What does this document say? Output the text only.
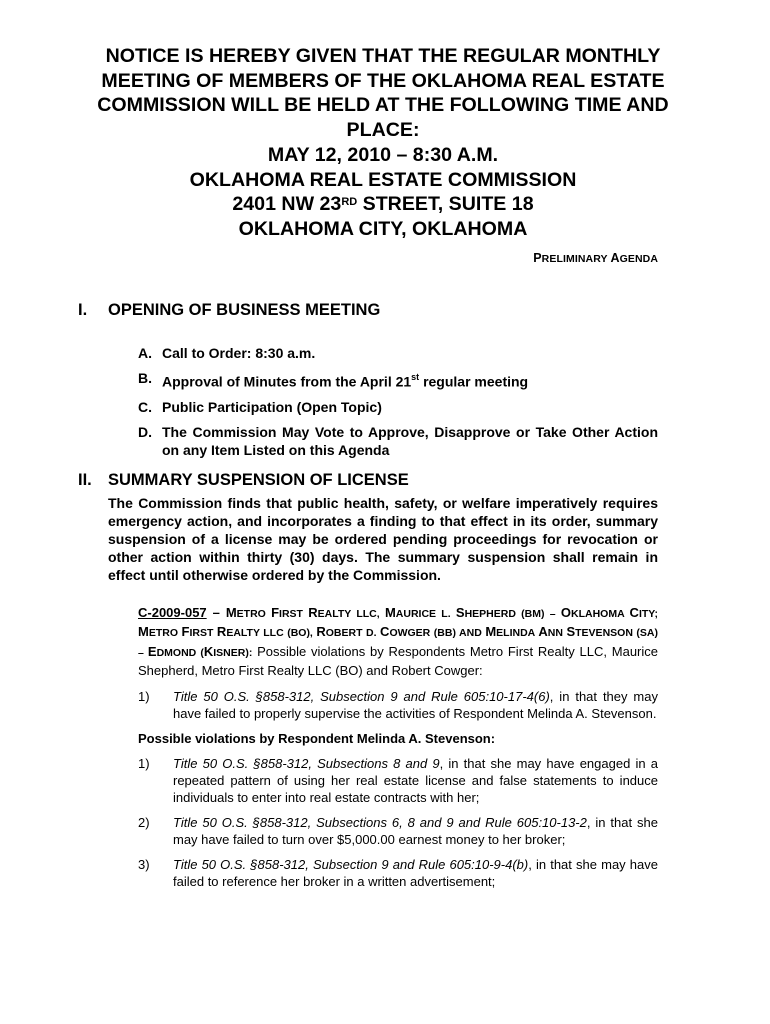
NOTICE IS HEREBY GIVEN THAT THE REGULAR MONTHLY MEETING OF MEMBERS OF THE OKLAHOMA REAL ESTATE COMMISSION WILL BE HELD AT THE FOLLOWING TIME AND PLACE:

MAY 12, 2010 – 8:30 A.M.
OKLAHOMA REAL ESTATE COMMISSION
2401 NW 23RD STREET, SUITE 18
OKLAHOMA CITY, OKLAHOMA
PRELIMINARY AGENDA
I.	OPENING OF BUSINESS MEETING
A. Call to Order: 8:30 a.m.
B. Approval of Minutes from the April 21st regular meeting
C. Public Participation (Open Topic)
D. The Commission May Vote to Approve, Disapprove or Take Other Action on any Item Listed on this Agenda
II. SUMMARY SUSPENSION OF LICENSE
The Commission finds that public health, safety, or welfare imperatively requires emergency action, and incorporates a finding to that effect in its order, summary suspension of a license may be ordered pending proceedings for revocation or other action within thirty (30) days. The summary suspension shall remain in effect until otherwise ordered by the Commission.
C-2009-057 – METRO FIRST REALTY LLC, MAURICE L. SHEPHERD (BM) – OKLAHOMA CITY; METRO FIRST REALTY LLC (BO), ROBERT D. COWGER (BB) AND MELINDA ANN STEVENSON (SA) – EDMOND (KISNER): Possible violations by Respondents Metro First Realty LLC, Maurice Shepherd, Metro First Realty LLC (BO) and Robert Cowger:
1)	Title 50 O.S. §858-312, Subsection 9 and Rule 605:10-17-4(6), in that they may have failed to properly supervise the activities of Respondent Melinda A. Stevenson.
Possible violations by Respondent Melinda A. Stevenson:
1)	Title 50 O.S. §858-312, Subsections 8 and 9, in that she may have engaged in a repeated pattern of using her real estate license and false statements to induce individuals to enter into real estate contracts with her;
2)	Title 50 O.S. §858-312, Subsections 6, 8 and 9 and Rule 605:10-13-2, in that she may have failed to turn over $5,000.00 earnest money to her broker;
3)	Title 50 O.S. §858-312, Subsection 9 and Rule 605:10-9-4(b), in that she may have failed to reference her broker in a written advertisement;
